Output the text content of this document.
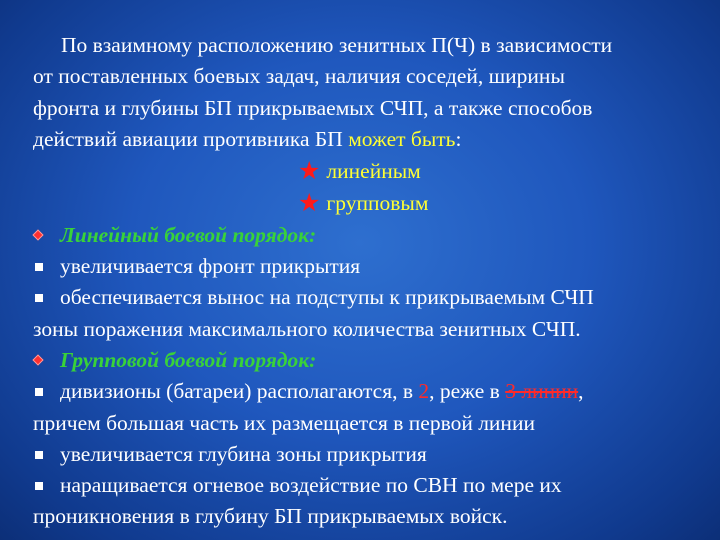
По взаимному расположению зенитных П(Ч) в зависимости
от поставленных боевых задач, наличия соседей, ширины
фронта и глубины БП прикрываемых СЧП, а также способов
действий авиации противника БП может быть:
★ линейным
★ групповым
Линейный боевой порядок:
увеличивается фронт прикрытия
обеспечивается вынос на подступы к прикрываемым СЧП
зоны поражения максимального количества зенитных СЧП.
Групповой боевой порядок:
дивизионы (батареи) располагаются, в 2, реже в 3 линии,
причем большая часть их размещается в первой линии
увеличивается глубина зоны прикрытия
наращивается огневое воздействие по СВН по мере их
проникновения в глубину БП прикрываемых войск.
